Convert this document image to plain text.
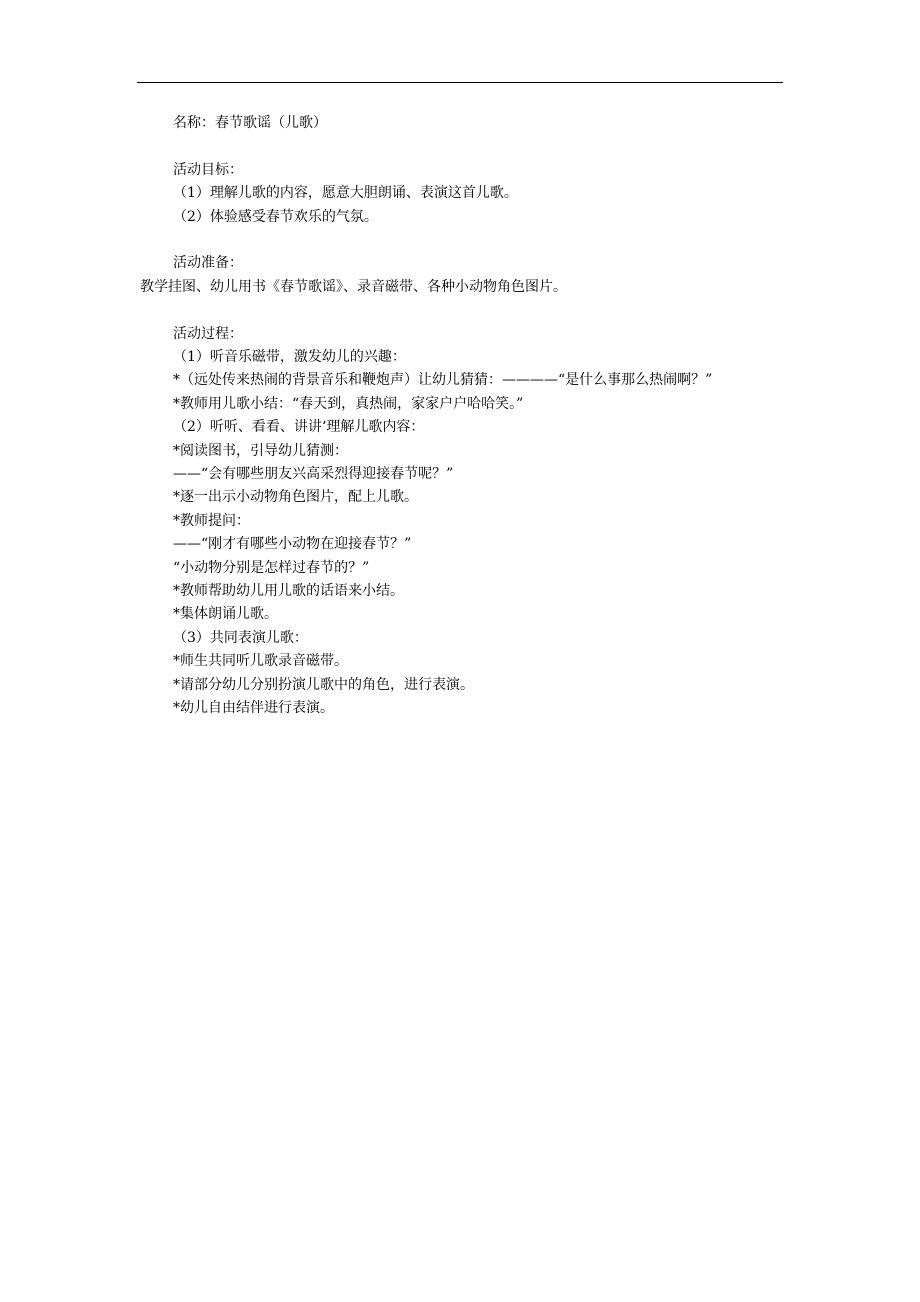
名称：春节歌谣（儿歌）
活动目标：
（1）理解儿歌的内容，愿意大胆朗诵、表演这首儿歌。
（2）体验感受春节欢乐的气氛。
活动准备：
教学挂图、幼儿用书《春节歌谣》、录音磁带、各种小动物角色图片。
活动过程：
（1）听音乐磁带，激发幼儿的兴趣：
*（远处传来热闹的背景音乐和鞭炮声）让幼儿猜猜：————“是什么事那么热闹啊？”
*教师用儿歌小结：“春天到，真热闹，家家户户哈哈笑。”
（2）听听、看看、讲讲‘理解儿歌内容：
*阅读图书，引导幼儿猜测：
——“会有哪些朋友兴高采烈得迎接春节呢？”
*逐一出示小动物角色图片，配上儿歌。
*教师提问：
——“刚才有哪些小动物在迎接春节？”
“小动物分别是怎样过春节的？”
*教师帮助幼儿用儿歌的话语来小结。
*集体朗诵儿歌。
（3）共同表演儿歌：
*师生共同听儿歌录音磁带。
*请部分幼儿分别扮演儿歌中的角色，进行表演。
*幼儿自由结伴进行表演。
